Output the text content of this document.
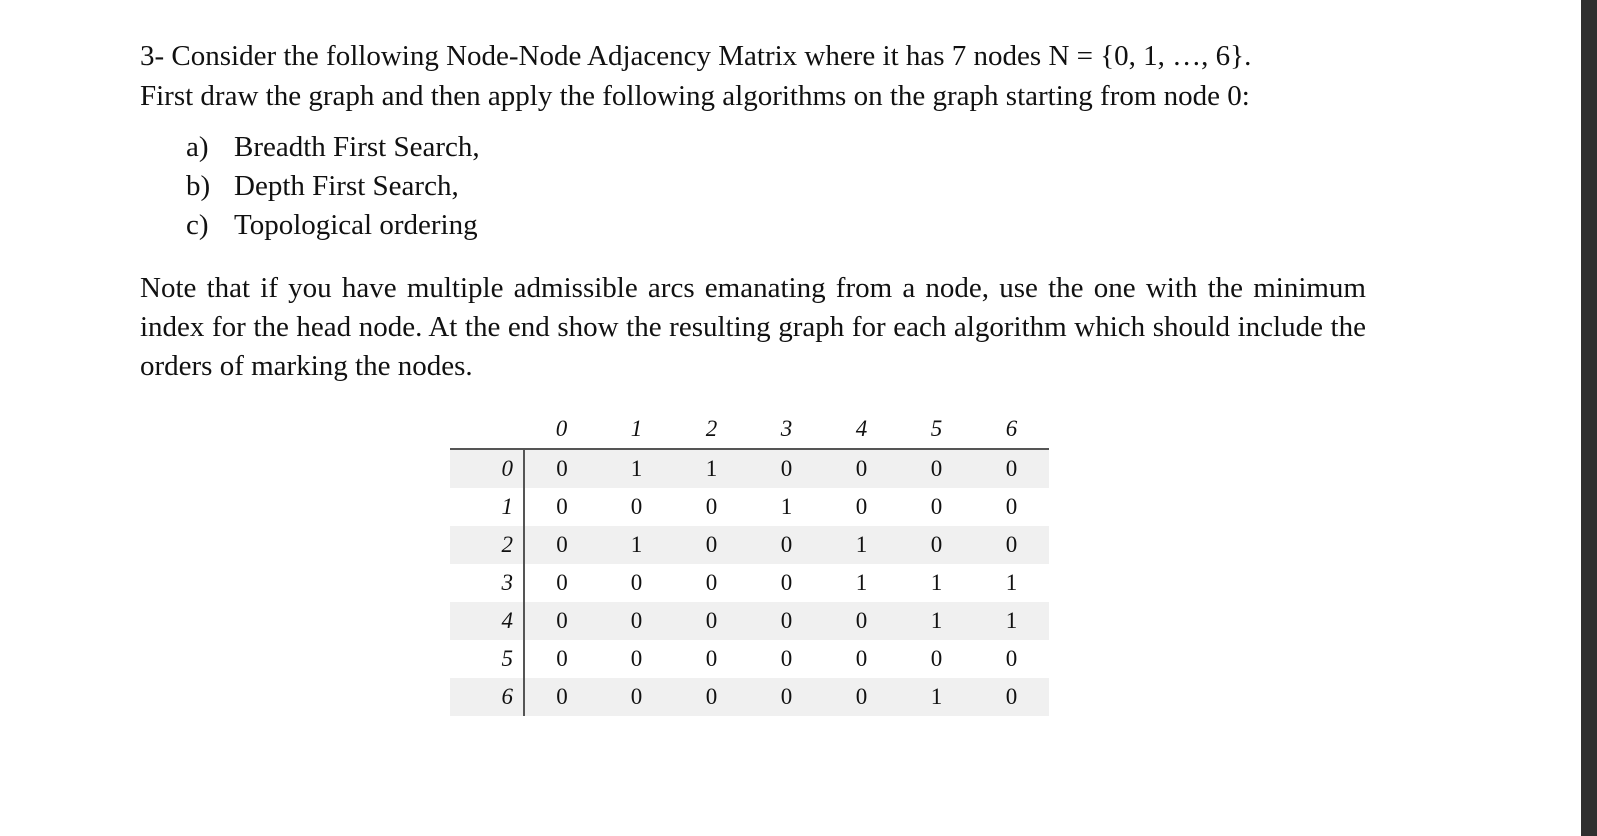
3- Consider the following Node-Node Adjacency Matrix where it has 7 nodes N = {0, 1, …, 6}.

First draw the graph and then apply the following algorithms on the graph starting from node 0:

a) Breadth First Search,
b) Depth First Search,
c) Topological ordering

Note that if you have multiple admissible arcs emanating from a node, use the one with the minimum index for the head node. At the end show the resulting graph for each algorithm which should include the orders of marking the nodes.

	0	1	2	3	4	5	6
0	0	1	1	0	0	0	0
1	0	0	0	1	0	0	0
2	0	1	0	0	1	0	0
3	0	0	0	0	1	1	1
4	0	0	0	0	0	1	1
5	0	0	0	0	0	0	0
6	0	0	0	0	0	1	0
